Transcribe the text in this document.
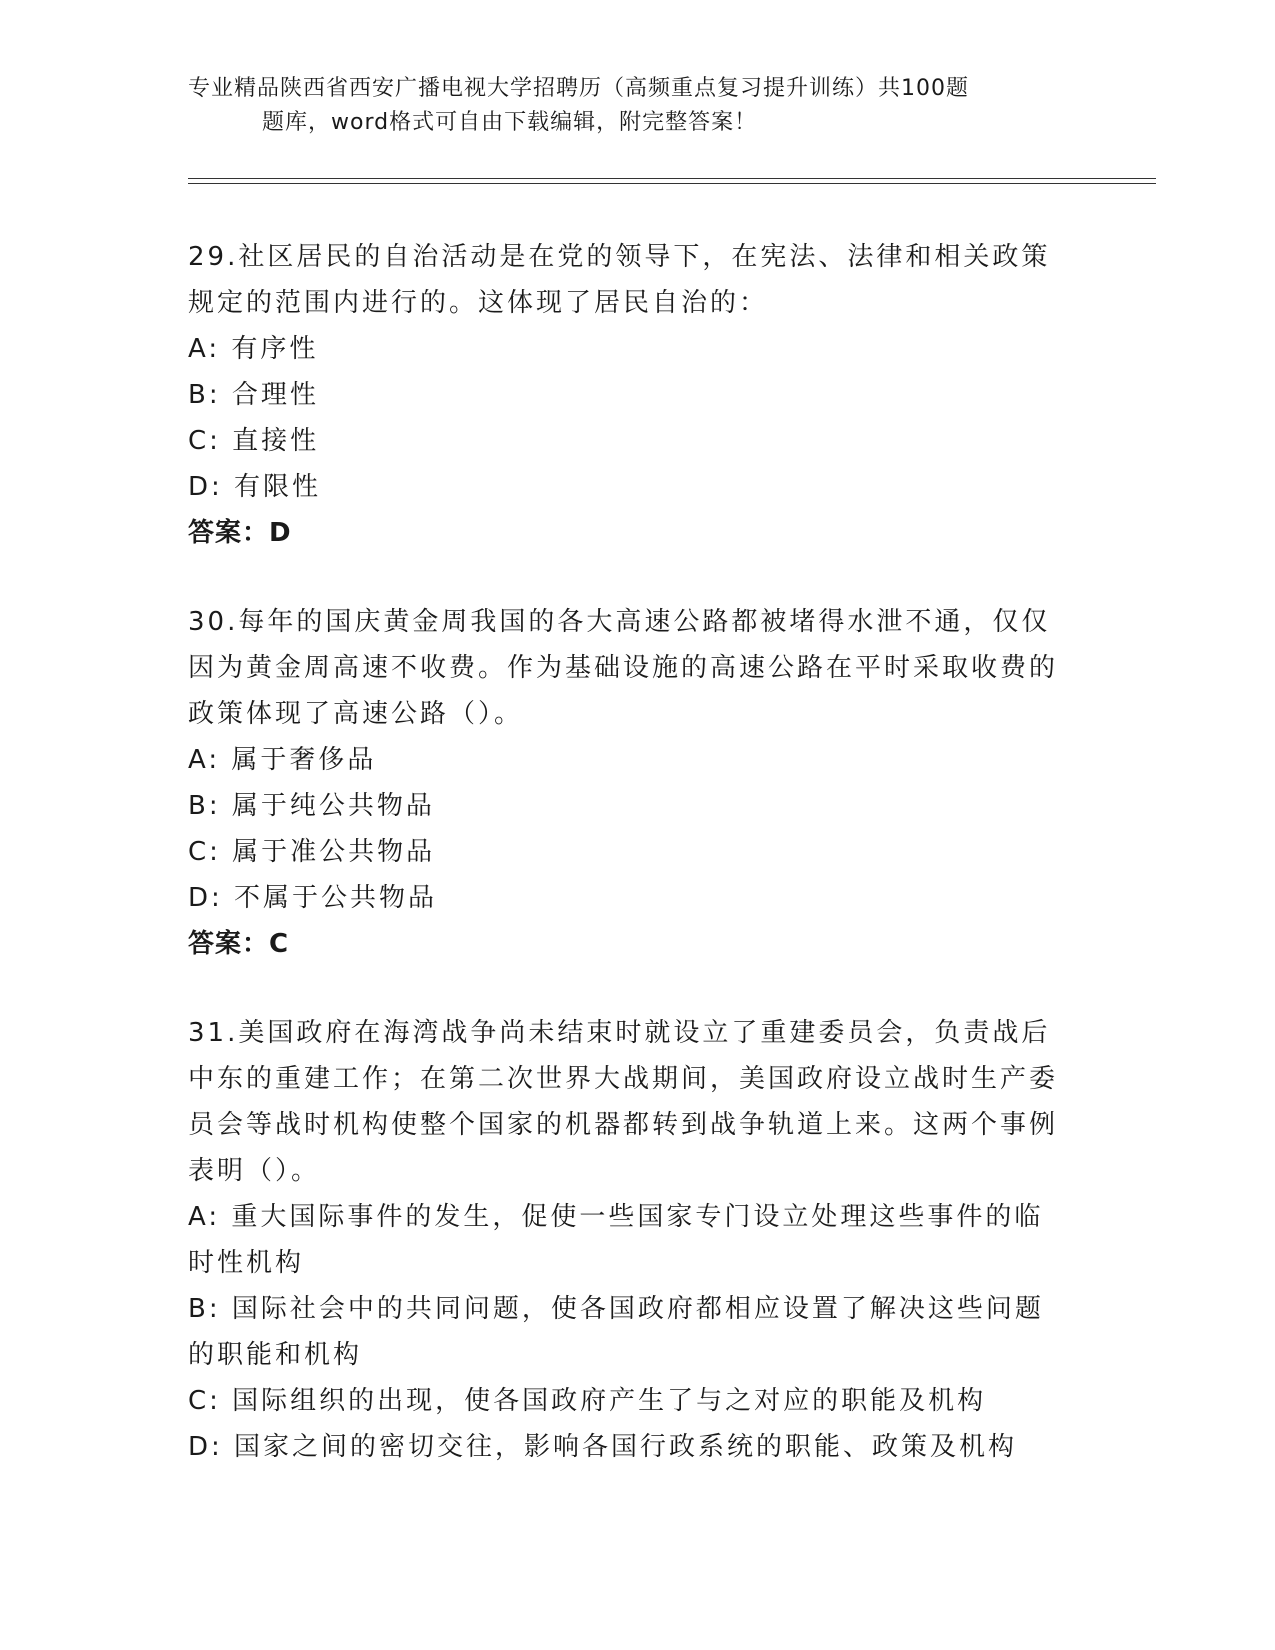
专业精品陕西省西安广播电视大学招聘历（高频重点复习提升训练）共100题
题库，word格式可自由下载编辑，附完整答案！
29.社区居民的自治活动是在党的领导下，在宪法、法律和相关政策规定的范围内进行的。这体现了居民自治的：
A: 有序性
B: 合理性
C: 直接性
D: 有限性
答案：D
30.每年的国庆黄金周我国的各大高速公路都被堵得水泄不通，仅仅因为黄金周高速不收费。作为基础设施的高速公路在平时采取收费的政策体现了高速公路（）。
A: 属于奢侈品
B: 属于纯公共物品
C: 属于准公共物品
D: 不属于公共物品
答案：C
31.美国政府在海湾战争尚未结束时就设立了重建委员会，负责战后中东的重建工作；在第二次世界大战期间，美国政府设立战时生产委员会等战时机构使整个国家的机器都转到战争轨道上来。这两个事例表明（）。
A: 重大国际事件的发生，促使一些国家专门设立处理这些事件的临时性机构
B: 国际社会中的共同问题，使各国政府都相应设置了解决这些问题的职能和机构
C: 国际组织的出现，使各国政府产生了与之对应的职能及机构
D: 国家之间的密切交往，影响各国行政系统的职能、政策及机构
